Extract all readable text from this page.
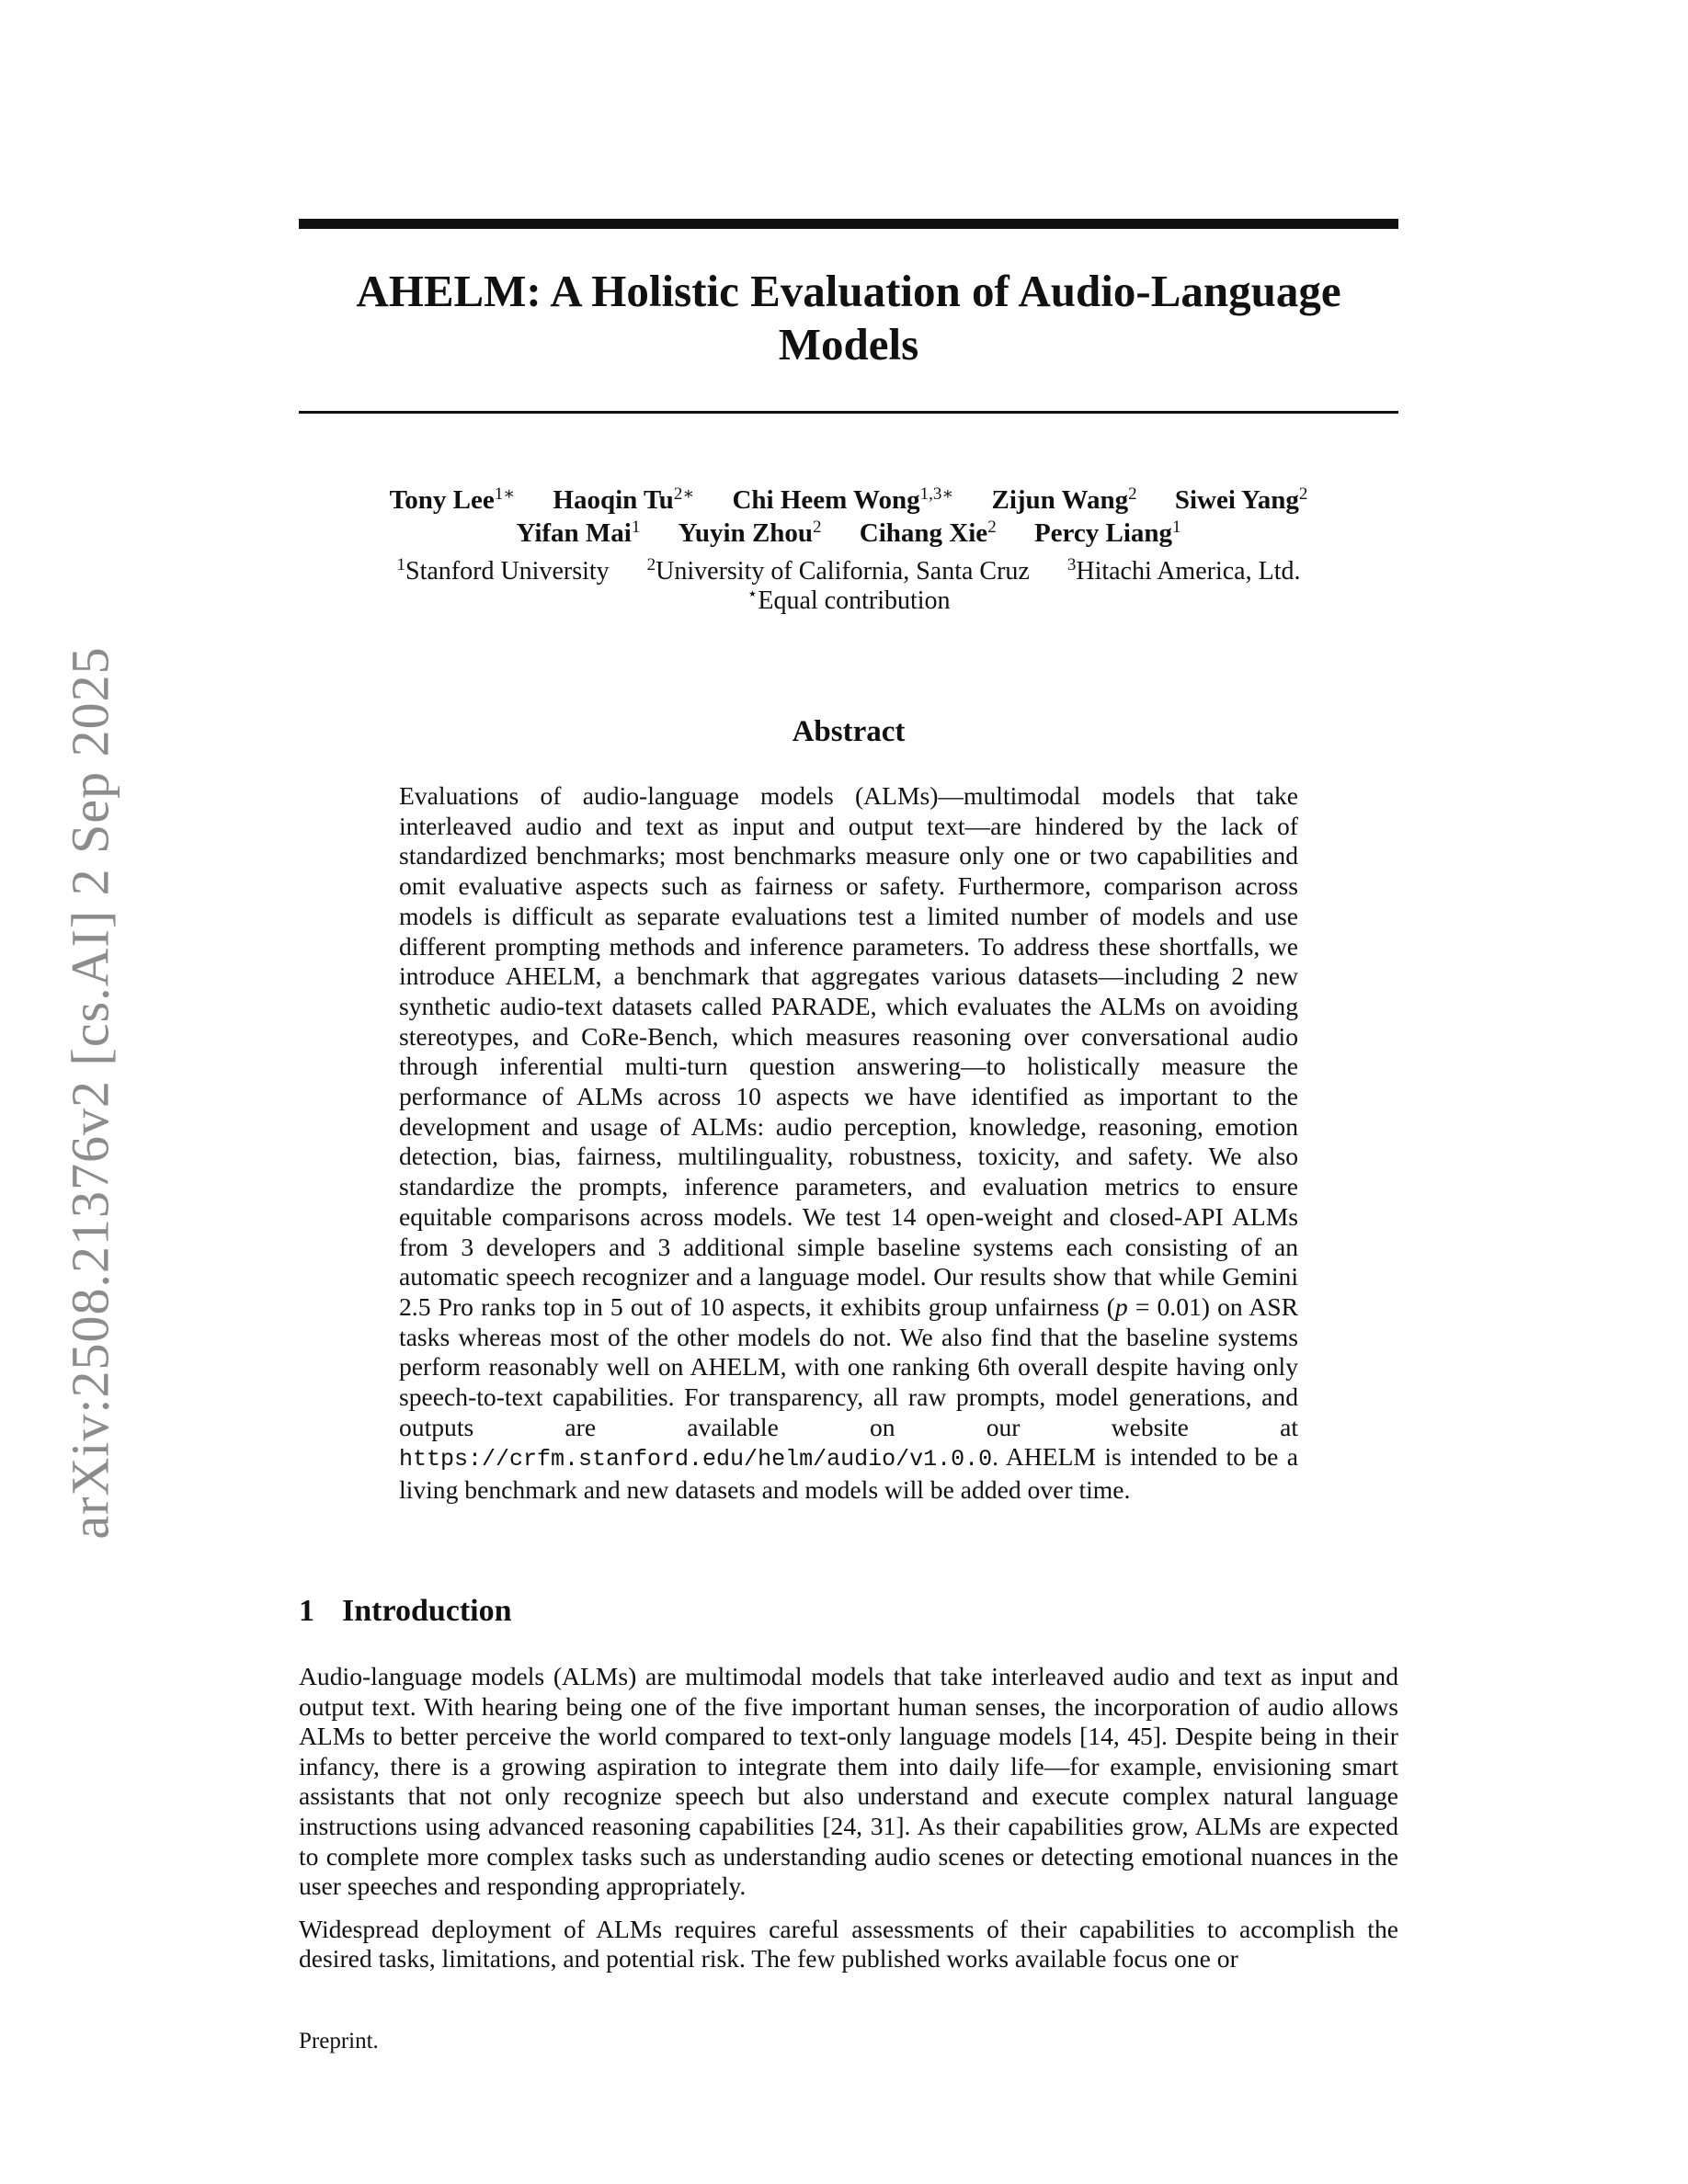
arXiv:2508.21376v2 [cs.AI] 2 Sep 2025
AHELM: A Holistic Evaluation of Audio-Language Models
Tony Lee$^{1∗}$ Haoqin $Tu^{2∗}$ Chi Heem Wong$^{1,3∗}$ Zijun Wang$^2$ Siwei Yang$^2$
Yifan Mai$^1$ Yuyin Zhou$^2$ Cihang Xie$^2$ Percy Liang$^1$
$^1$Stanford University $^2$University of California, Santa Cruz $^3$Hitachi America, Ltd.
⋆Equal contribution
Abstract

Evaluations of audio-language models (ALMs)—multimodal models that take interleaved audio and text as input and output text—are hindered by the lack of standardized benchmarks; most benchmarks measure only one or two capabilities and omit evaluative aspects such as fairness or safety. Furthermore, comparison across models is difficult as separate evaluations test a limited number of models and use different prompting methods and inference parameters. To address these shortfalls, we introduce AHELM, a benchmark that aggregates various datasets—including 2 new synthetic audio-text datasets called PARADE, which evaluates the ALMs on avoiding stereotypes, and CoRe-Bench, which measures reasoning over conversational audio through inferential multi-turn question answering—to holistically measure the performance of ALMs across 10 aspects we have identified as important to the development and usage of ALMs: audio perception, knowledge, reasoning, emotion detection, bias, fairness, multilinguality, robustness, toxicity, and safety. We also standardize the prompts, inference parameters, and evaluation metrics to ensure equitable comparisons across models. We test 14 open-weight and closed-API ALMs from 3 developers and 3 additional simple baseline systems each consisting of an automatic speech recognizer and a language model. Our results show that while Gemini 2.5 Pro ranks top in 5 out of 10 aspects, it exhibits group unfairness (p = 0.01) on ASR tasks whereas most of the other models do not. We also find that the baseline systems perform reasonably well on AHELM, with one ranking 6th overall despite having only speech-to-text capabilities. For transparency, all raw prompts, model generations, and outputs are available on our website at https://crfm.stanford.edu/helm/audio/v1.0.0. AHELM is intended to be a living benchmark and new datasets and models will be added over time.

1 Introduction

Audio-language models (ALMs) are multimodal models that take interleaved audio and text as input and output text. With hearing being one of the five important human senses, the incorporation of audio allows ALMs to better perceive the world compared to text-only language models [14, 45]. Despite being in their infancy, there is a growing aspiration to integrate them into daily life—for example, envisioning smart assistants that not only recognize speech but also understand and execute complex natural language instructions using advanced reasoning capabilities [24, 31]. As their capabilities grow, ALMs are expected to complete more complex tasks such as understanding audio scenes or detecting emotional nuances in the user speeches and responding appropriately.

Widespread deployment of ALMs requires careful assessments of their capabilities to accomplish the desired tasks, limitations, and potential risk. The few published works available focus one or

Preprint.
